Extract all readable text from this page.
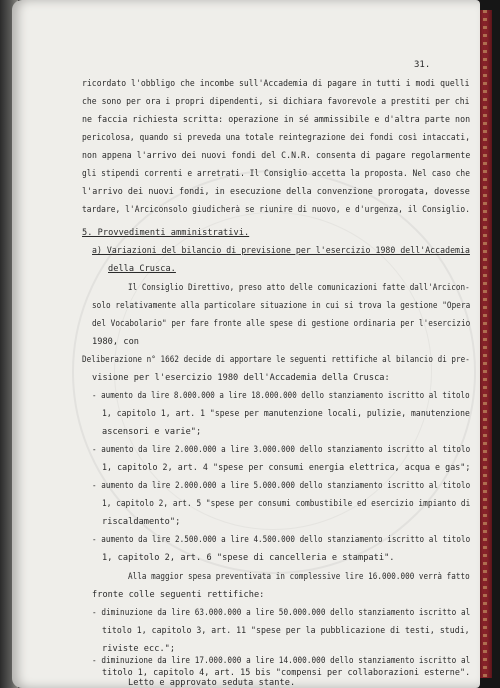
31.
ricordato l'obbligo che incombe sull'Accademia di pagare in tutti i modi quelli
che sono per ora i propri dipendenti, si dichiara favorevole a prestiti per chi
ne faccia richiesta scritta: operazione in sé ammissibile e d'altra parte non
pericolosa, quando si preveda una totale reintegrazione dei fondi così intaccati,
non appena l'arrivo dei nuovi fondi del C.N.R. consenta di pagare regolarmente
gli stipendi correnti e arretrati. Il Consiglio accetta la proposta. Nel caso che
l'arrivo dei nuovi fondi, in esecuzione della convenzione prorogata, dovesse
tardare, l'Arciconsolo giudicherà se riunire di nuovo, e d'urgenza, il Consiglio.
5. Provvedimenti amministrativi.
a) Variazioni del bilancio di previsione per l'esercizio 1980 dell'Accademia
della Crusca.
Il Consiglio Direttivo, preso atto delle comunicazioni fatte dall'Arcicon-
solo relativamente alla particolare situazione in cui si trova la gestione "Opera
del Vocabolario" per fare fronte alle spese di gestione ordinaria per l'esercizio
1980, con
Deliberazione n° 1662 decide di apportare le seguenti rettifiche al bilancio di pre-
visione per l'esercizio 1980 dell'Accademia della Crusca:
- aumento da lire 8.000.000 a lire 18.000.000 dello stanziamento iscritto al titolo
1, capitolo 1, art. 1 "spese per manutenzione locali, pulizie, manutenzione
ascensori e varie";
- aumento da lire 2.000.000 a lire 3.000.000 dello stanziamento iscritto al titolo
1, capitolo 2, art. 4 "spese per consumi energia elettrica, acqua e gas";
- aumento da lire 2.000.000 a lire 5.000.000 dello stanziamento iscritto al titolo
1, capitolo 2, art. 5 "spese per consumi combustibile ed esercizio impianto di
riscaldamento";
- aumento da lire 2.500.000 a lire 4.500.000 dello stanziamento iscritto al titolo
1, capitolo 2, art. 6 "spese di cancelleria e stampati".
Alla maggior spesa preventivata in complessive lire 16.000.000 verrà fatto
fronte colle seguenti rettifiche:
- diminuzione da lire 63.000.000 a lire 50.000.000 dello stanziamento iscritto al
titolo 1, capitolo 3, art. 11 "spese per la pubblicazione di testi, studi,
riviste ecc.";
- diminuzione da lire 17.000.000 a lire 14.000.000 dello stanziamento iscritto al
titolo 1, capitolo 4, art. 15 bis "compensi per collaborazioni esterne".
Letto e approvato seduta stante.
